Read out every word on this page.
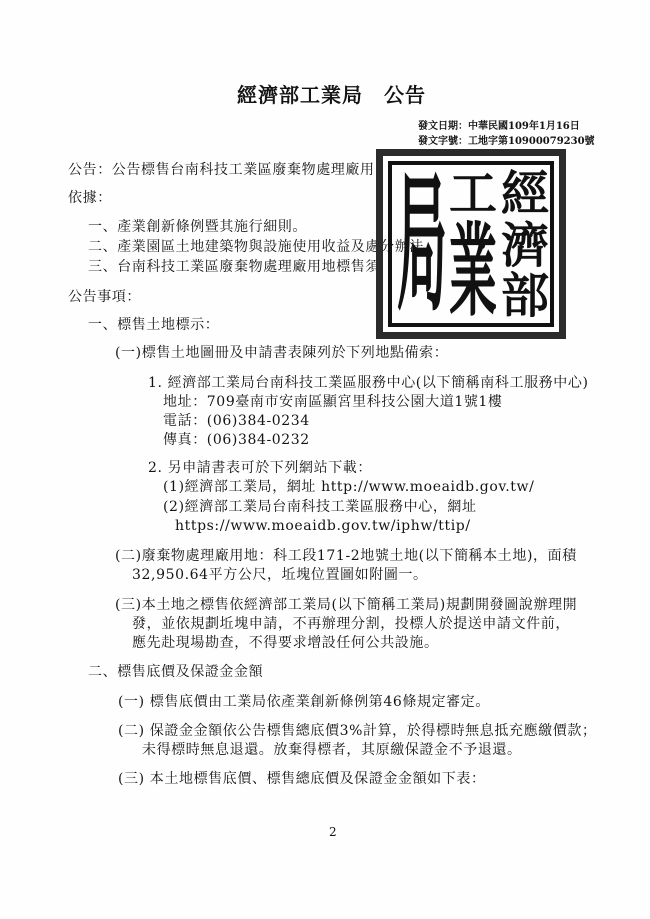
經濟部工業局　公告
發文日期：中華民國109年1月16日
發文字號：工地字第10900079230號
公告：公告標售台南科技工業區廢棄物處理廠用
依據：
一、產業創新條例暨其施行細則。
二、產業園區土地建築物與設施使用收益及處分辦法。
三、台南科技工業區廢棄物處理廠用地標售須
公告事項：
一、標售土地標示：
(一)標售土地圖冊及申請書表陳列於下列地點備索：
1. 經濟部工業局台南科技工業區服務中心(以下簡稱南科工服務中心)
地址：709臺南市安南區顯宮里科技公園大道1號1樓
電話：(06)384-0234
傳真：(06)384-0232
2. 另申請書表可於下列網站下載：
(1)經濟部工業局，網址 http://www.moeaidb.gov.tw/
(2)經濟部工業局台南科技工業區服務中心，網址
https://www.moeaidb.gov.tw/iphw/ttip/
(二)廢棄物處理廠用地：科工段171-2地號土地(以下簡稱本土地)，面積
32,950.64平方公尺，坵塊位置圖如附圖一。
(三)本土地之標售依經濟部工業局(以下簡稱工業局)規劃開發圖說辦理開
發，並依規劃坵塊申請，不再辦理分割，投標人於提送申請文件前，
應先赴現場勘查，不得要求增設任何公共設施。
二、標售底價及保證金金額
(一) 標售底價由工業局依產業創新條例第46條規定審定。
(二) 保證金金額依公告標售總底價3%計算，於得標時無息抵充應繳價款；
未得標時無息退還。放棄得標者，其原繳保證金不予退還。
(三) 本土地標售底價、標售總底價及保證金金額如下表：
2
經
濟
部
工
業
局
